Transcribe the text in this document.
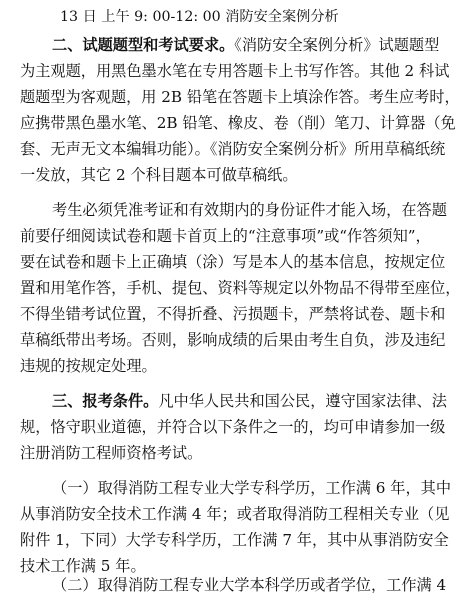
13 日 上午 9: 00-12: 00 消防安全案例分析
二、试题题型和考试要求。《消防安全案例分析》试题题型
为主观题，用黑色墨水笔在专用答题卡上书写作答。其他 2 科试
题题型为客观题，用 2B 铅笔在答题卡上填涂作答。考生应考时，
应携带黑色墨水笔、2B 铅笔、橡皮、卷（削）笔刀、计算器（免
套、无声无文本编辑功能）。《消防安全案例分析》所用草稿纸统
一发放，其它 2 个科目题本可做草稿纸。
考生必须凭准考证和有效期内的身份证件才能入场，在答题
前要仔细阅读试卷和题卡首页上的“注意事项”或“作答须知”，
要在试卷和题卡上正确填（涂）写是本人的基本信息，按规定位
置和用笔作答，手机、提包、资料等规定以外物品不得带至座位，
不得坐错考试位置，不得折叠、污损题卡，严禁将试卷、题卡和
草稿纸带出考场。否则，影响成绩的后果由考生自负，涉及违纪
违规的按规定处理。
三、报考条件。凡中华人民共和国公民，遵守国家法律、法
规，恪守职业道德，并符合以下条件之一的，均可申请参加一级
注册消防工程师资格考试。
（一）取得消防工程专业大学专科学历，工作满 6 年，其中
从事消防安全技术工作满 4 年；或者取得消防工程相关专业（见
附件 1，下同）大学专科学历，工作满 7 年，其中从事消防安全
技术工作满 5 年。
（二）取得消防工程专业大学本科学历或者学位，工作满 4
